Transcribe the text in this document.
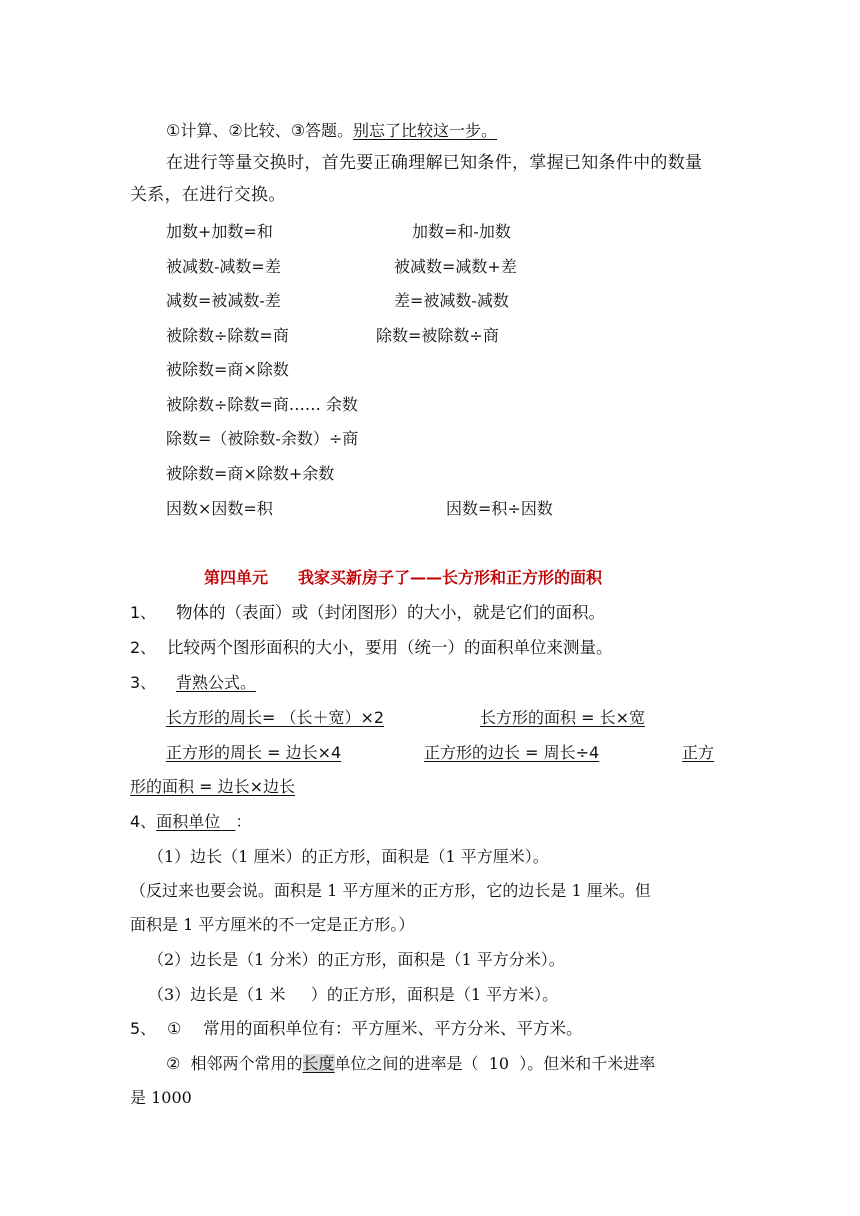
①计算、②比较、③答题。别忘了比较这一步。
在进行等量交换时，首先要正确理解已知条件，掌握已知条件中的数量
关系，在进行交换。
加数+加数=和	加数=和-加数
被减数-减数=差	被减数=减数+差
减数=被减数-差	差=被减数-减数
被除数÷除数=商	除数=被除数÷商
被除数=商×除数
被除数÷除数=商…… 余数
除数=（被除数-余数）÷商
被除数=商×除数+余数
因数×因数=积	因数=积÷因数
第四单元 我家买新房子了——长方形和正方形的面积
1、 物体的（表面）或（封闭图形）的大小，就是它们的面积。
2、 比较两个图形面积的大小，要用（统一）的面积单位来测量。
3、 背熟公式。
长方形的周长= （长＋宽）×2	长方形的面积 = 长×宽
正方形的周长 = 边长×4	正方形的边长 = 周长÷4	正方
形的面积 = 边长×边长
4、面积单位 ：
（1）边长（1 厘米）的正方形，面积是（1 平方厘米）。
（反过来也要会说。面积是 1 平方厘米的正方形，它的边长是 1 厘米。但
面积是 1 平方厘米的不一定是正方形。）
（2）边长是（1 分米）的正方形，面积是（1 平方分米）。
（3）边长是（1 米     ）的正方形，面积是（1 平方米）。
5、 ① 常用的面积单位有：平方厘米、平方分米、平方米。
② 相邻两个常用的长度单位之间的进率是（  10  ）。但米和千米进率
是 1000
